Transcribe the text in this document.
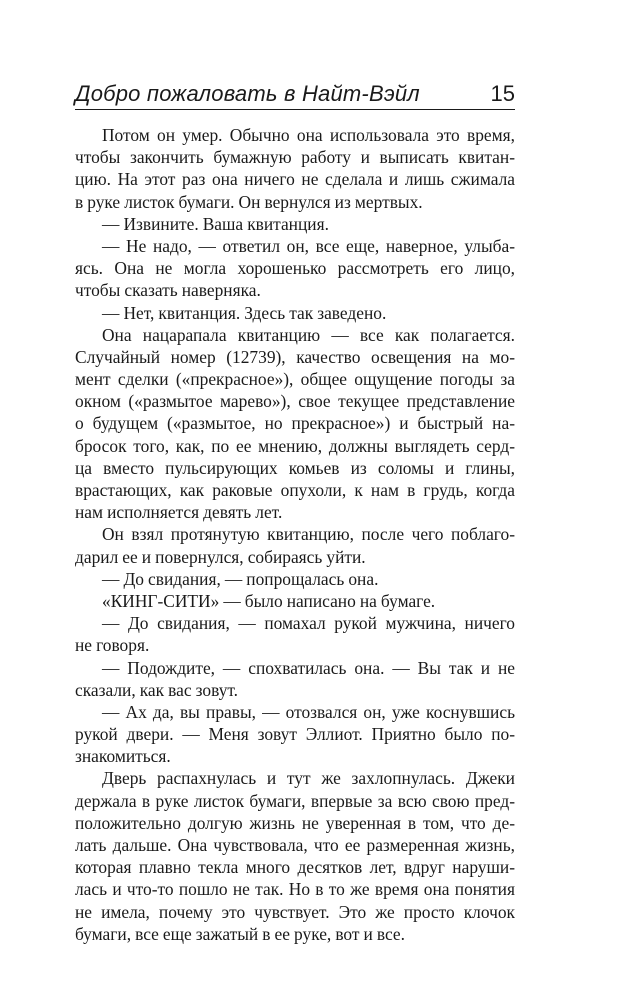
Добро пожаловать в Найт-Вэйл	15
Потом он умер. Обычно она использовала это время,
чтобы закончить бумажную работу и выписать квитан-
цию. На этот раз она ничего не сделала и лишь сжимала
в руке листок бумаги. Он вернулся из мертвых.
— Извините. Ваша квитанция.
— Не надо, — ответил он, все еще, наверное, улыба-
ясь. Она не могла хорошенько рассмотреть его лицо,
чтобы сказать наверняка.
— Нет, квитанция. Здесь так заведено.
Она нацарапала квитанцию — все как полагается.
Случайный номер (12739), качество освещения на мо-
мент сделки («прекрасное»), общее ощущение погоды за
окном («размытое марево»), свое текущее представление
о будущем («размытое, но прекрасное») и быстрый на-
бросок того, как, по ее мнению, должны выглядеть серд-
ца вместо пульсирующих комьев из соломы и глины,
врастающих, как раковые опухоли, к нам в грудь, когда
нам исполняется девять лет.
Он взял протянутую квитанцию, после чего поблаго-
дарил ее и повернулся, собираясь уйти.
— До свидания, — попрощалась она.
«КИНГ-СИТИ» — было написано на бумаге.
— До свидания, — помахал рукой мужчина, ничего
не говоря.
— Подождите, — спохватилась она. — Вы так и не
сказали, как вас зовут.
— Ах да, вы правы, — отозвался он, уже коснувшись
рукой двери. — Меня зовут Эллиот. Приятно было по-
знакомиться.
Дверь распахнулась и тут же захлопнулась. Джеки
держала в руке листок бумаги, впервые за всю свою пред-
положительно долгую жизнь не уверенная в том, что де-
лать дальше. Она чувствовала, что ее размеренная жизнь,
которая плавно текла много десятков лет, вдруг наруши-
лась и что-то пошло не так. Но в то же время она понятия
не имела, почему это чувствует. Это же просто клочок
бумаги, все еще зажатый в ее руке, вот и все.
